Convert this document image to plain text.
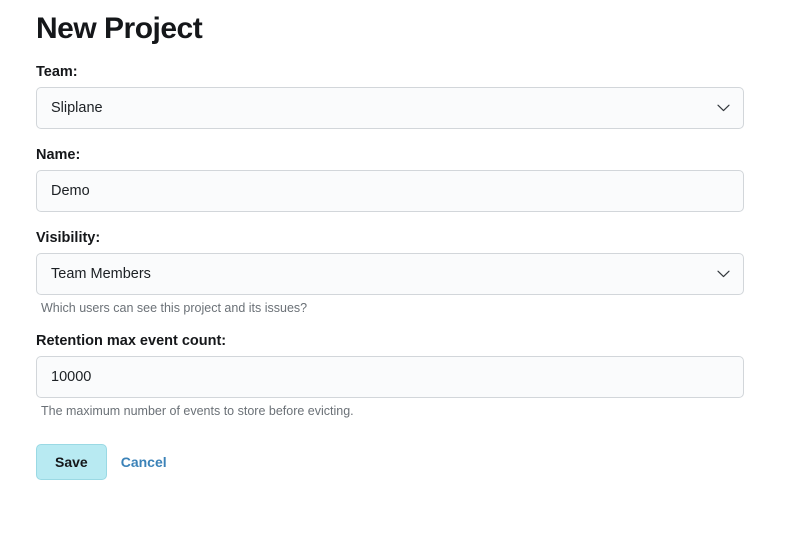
New Project
Team:
Sliplane
Name:
Demo
Visibility:
Team Members
Which users can see this project and its issues?
Retention max event count:
10000
The maximum number of events to store before evicting.
Save	Cancel
